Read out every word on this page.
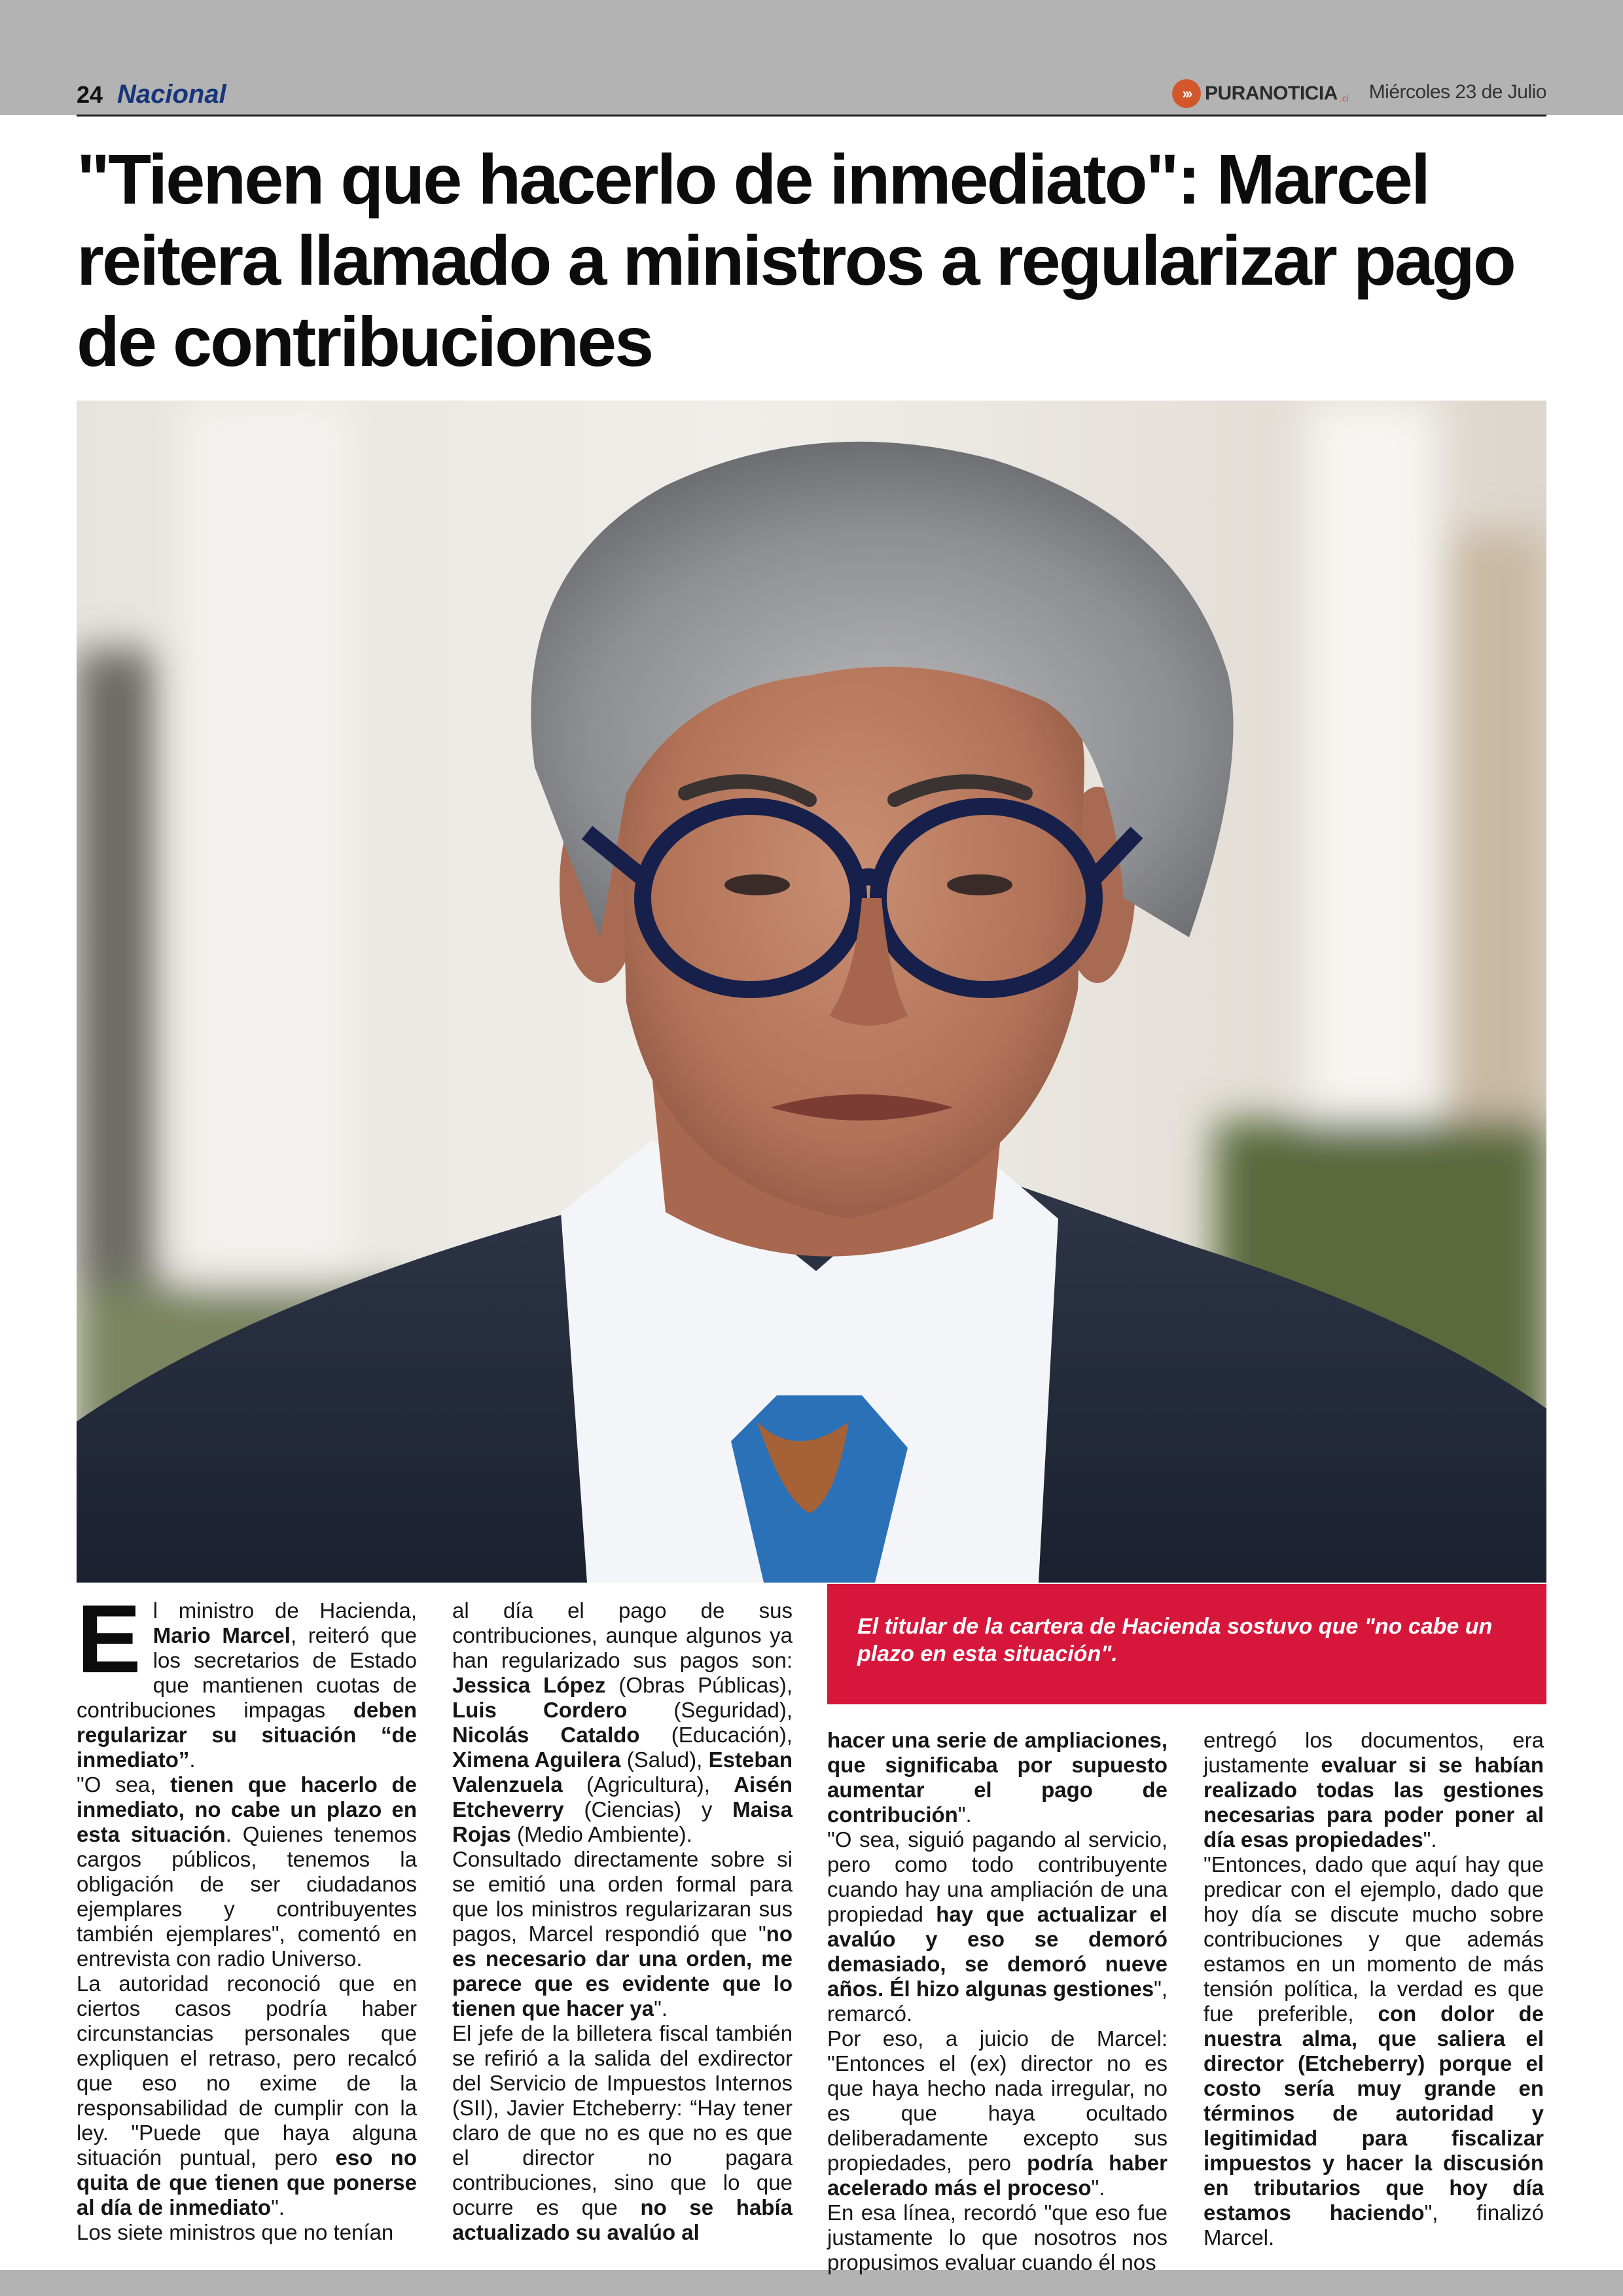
24 Nacional	››› PURANOTICIA .cl Miércoles 23 de Julio
"Tienen que hacerlo de inmediato": Marcel reitera llamado a ministros a regularizar pago de contribuciones
El titular de la cartera de Hacienda sostuvo que "no cabe un plazo en esta situación".
E l ministro de Hacienda, Mario Marcel, reiteró que los secretarios de Estado que mantienen cuotas de contribuciones impagas deben regularizar su situación “de inmediato”.

"O sea, tienen que hacerlo de inmediato, no cabe un plazo en esta situación. Quienes tenemos cargos públicos, tenemos la obligación de ser ciudadanos ejemplares y contribuyentes también ejemplares", comentó en entrevista con radio Universo.

La autoridad reconoció que en ciertos casos podría haber circunstancias personales que expliquen el retraso, pero recalcó que eso no exime de la responsabilidad de cumplir con la ley. "Puede que haya alguna situación puntual, pero eso no quita de que tienen que ponerse al día de inmediato".

Los siete ministros que no tenían

al día el pago de sus contribuciones, aunque algunos ya han regularizado sus pagos son: Jessica López (Obras Públicas), Luis Cordero (Seguridad), Nicolás Cataldo (Educación), Ximena Aguilera (Salud), Esteban Valenzuela (Agricultura), Aisén Etcheverry (Ciencias) y Maisa Rojas (Medio Ambiente).

Consultado directamente sobre si se emitió una orden formal para que los ministros regularizaran sus pagos, Marcel respondió que "no es necesario dar una orden, me parece que es evidente que lo tienen que hacer ya".

El jefe de la billetera fiscal también se refirió a la salida del exdirector del Servicio de Impuestos Internos (SII), Javier Etcheberry: “Hay tener claro de que no es que no es que el director no pagara contribuciones, sino que lo que ocurre es que no se había actualizado su avalúo al

hacer una serie de ampliaciones, que significaba por supuesto aumentar el pago de contribución".

"O sea, siguió pagando al servicio, pero como todo contribuyente cuando hay una ampliación de una propiedad hay que actualizar el avalúo y eso se demoró demasiado, se demoró nueve años. Él hizo algunas gestiones", remarcó.

Por eso, a juicio de Marcel: "Entonces el (ex) director no es que haya hecho nada irregular, no es que haya ocultado deliberadamente excepto sus propiedades, pero podría haber acelerado más el proceso".

En esa línea, recordó "que eso fue justamente lo que nosotros nos propusimos evaluar cuando él nos

entregó los documentos, era justamente evaluar si se habían realizado todas las gestiones necesarias para poder poner al día esas propiedades".

"Entonces, dado que aquí hay que predicar con el ejemplo, dado que hoy día se discute mucho sobre contribuciones y que además estamos en un momento de más tensión política, la verdad es que fue preferible, con dolor de nuestra alma, que saliera el director (Etcheberry) porque el costo sería muy grande en términos de autoridad y legitimidad para fiscalizar impuestos y hacer la discusión en tributarios que hoy día estamos haciendo", finalizó Marcel.
